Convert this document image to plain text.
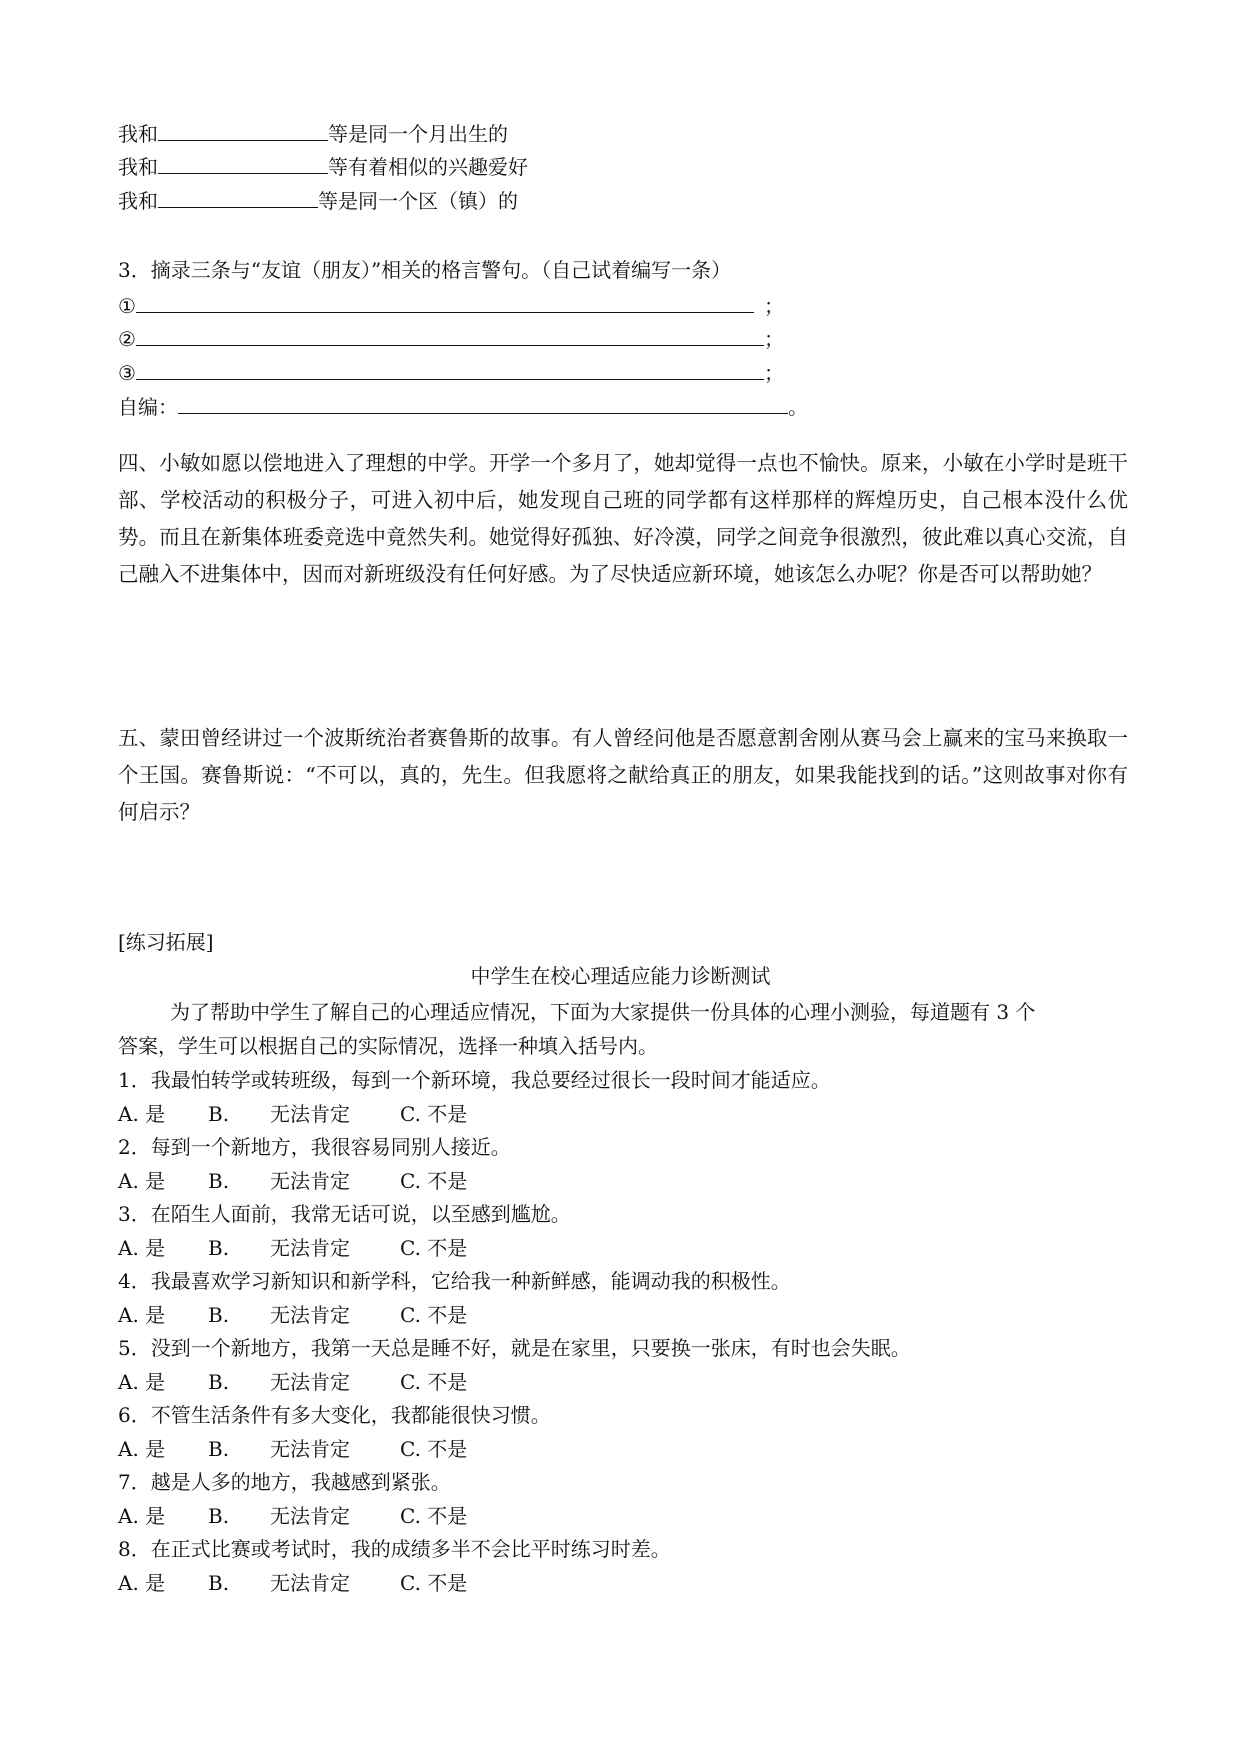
我和	等是同一个月出生的
我和	等有着相似的兴趣爱好
我和	等是同一个区（镇）的
3．摘录三条与“友谊（朋友）”相关的格言警句。（自己试着编写一条）
①	；
②	；
③	；
自编：	。
四、小敏如愿以偿地进入了理想的中学。开学一个多月了，她却觉得一点也不愉快。原来，小敏在小学时是班干部、学校活动的积极分子，可进入初中后，她发现自己班的同学都有这样那样的辉煌历史，自己根本没什么优势。而且在新集体班委竞选中竟然失利。她觉得好孤独、好冷漠，同学之间竞争很激烈，彼此难以真心交流，自己融入不进集体中，因而对新班级没有任何好感。为了尽快适应新环境，她该怎么办呢？你是否可以帮助她？
五、蒙田曾经讲过一个波斯统治者赛鲁斯的故事。有人曾经问他是否愿意割舍刚从赛马会上赢来的宝马来换取一个王国。赛鲁斯说：“不可以，真的，先生。但我愿将之献给真正的朋友，如果我能找到的话。”这则故事对你有何启示？
[练习拓展]
中学生在校心理适应能力诊断测试
为了帮助中学生了解自己的心理适应情况，下面为大家提供一份具体的心理小测验，每道题有 3 个
答案，学生可以根据自己的实际情况，选择一种填入括号内。
1．我最怕转学或转班级，每到一个新环境，我总要经过很长一段时间才能适应。
A. 是 B. 无法肯定	C. 不是
2．每到一个新地方，我很容易同别人接近。
A. 是 B. 无法肯定	C. 不是
3．在陌生人面前，我常无话可说，以至感到尴尬。
A. 是 B. 无法肯定	C. 不是
4．我最喜欢学习新知识和新学科，它给我一种新鲜感，能调动我的积极性。
A. 是 B. 无法肯定	C. 不是
5．没到一个新地方，我第一天总是睡不好，就是在家里，只要换一张床，有时也会失眠。
A. 是 B. 无法肯定	C. 不是
6．不管生活条件有多大变化，我都能很快习惯。
A. 是 B. 无法肯定	C. 不是
7．越是人多的地方，我越感到紧张。
A. 是 B. 无法肯定	C. 不是
8．在正式比赛或考试时，我的成绩多半不会比平时练习时差。
A. 是 B. 无法肯定	C. 不是
